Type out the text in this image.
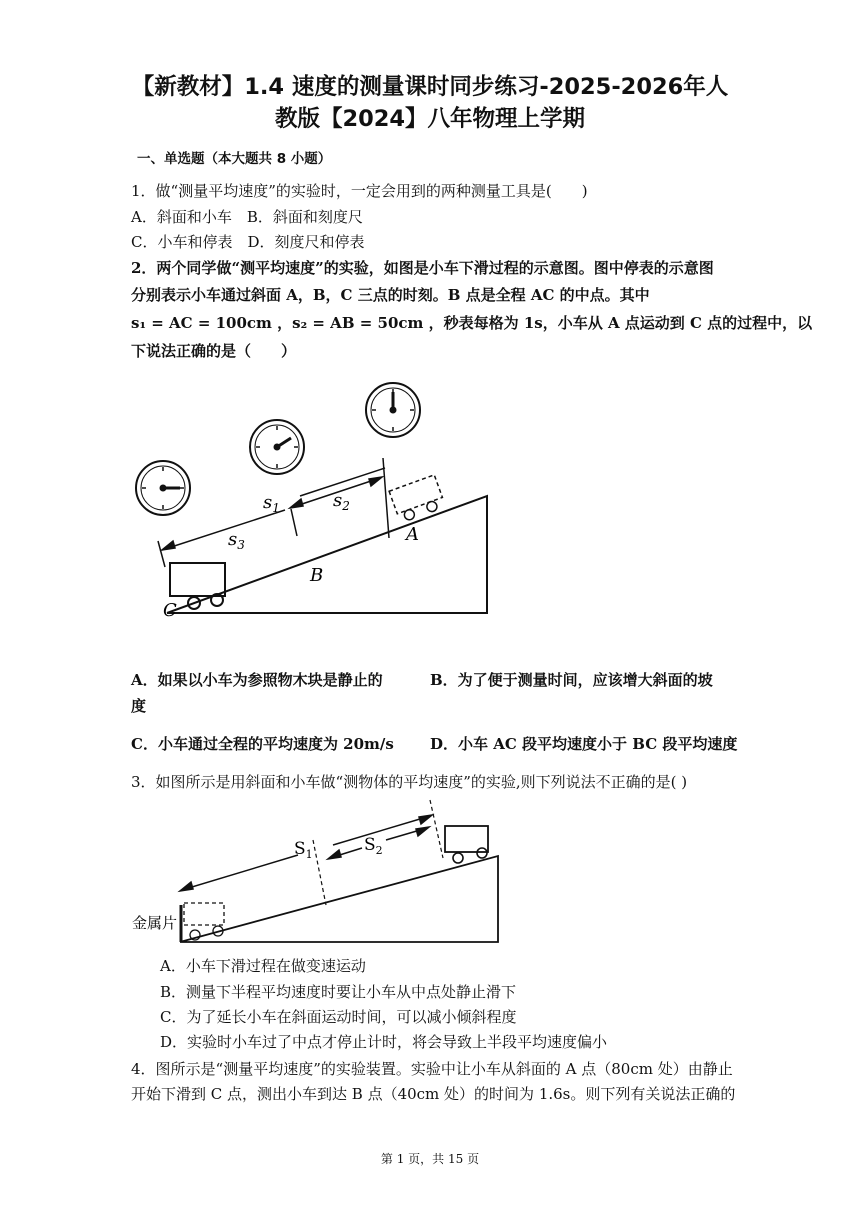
【新教材】1.4 速度的测量课时同步练习-2025-2026年人
教版【2024】八年物理上学期
一、单选题（本大题共 8 小题）
1．做“测量平均速度”的实验时，一定会用到的两种测量工具是(　　)
A．斜面和小车　B．斜面和刻度尺
C．小车和停表　D．刻度尺和停表
2．两个同学做“测平均速度”的实验，如图是小车下滑过程的示意图。图中停表的示意图
分别表示小车通过斜面 A，B，C 三点的时刻。B 点是全程 AC 的中点。其中
s₁ = AC = 100cm ，s₂ = AB = 50cm ，秒表每格为 1s，小车从 A 点运动到 C 点的过程中，以
下说法正确的是（　　）
$s_1$	$s_2$
$s_3$	A
B
C
A．如果以小车为参照物木块是静止的	B．为了便于测量时间，应该增大斜面的坡
度
C．小车通过全程的平均速度为 20m/s D．小车 AC 段平均速度小于 BC 段平均速度
3．如图所示是用斜面和小车做“测物体的平均速度”的实验,则下列说法不正确的是( )
金属片
$S_1$	$S_2$
A．小车下滑过程在做变速运动
B．测量下半程平均速度时要让小车从中点处静止滑下
C．为了延长小车在斜面运动时间，可以减小倾斜程度
D．实验时小车过了中点才停止计时，将会导致上半段平均速度偏小
4．图所示是“测量平均速度”的实验装置。实验中让小车从斜面的 A 点（80cm 处）由静止
开始下滑到 C 点，测出小车到达 B 点（40cm 处）的时间为 1.6s。则下列有关说法正确的
第 1 页，共 15 页
